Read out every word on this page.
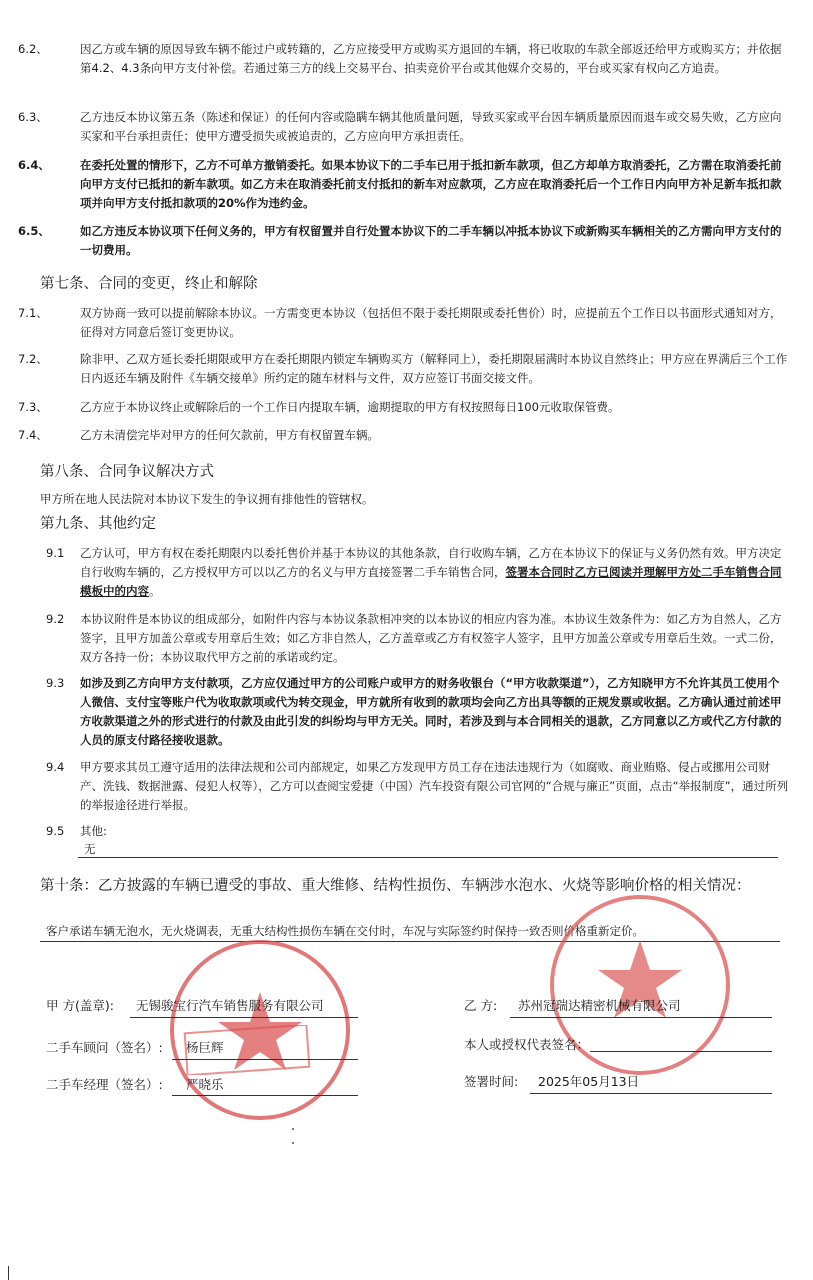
6.2、	因乙方或车辆的原因导致车辆不能过户或转籍的，乙方应接受甲方或购买方退回的车辆，将已收取的车款全部返还给甲方或购买方；并依据第4.2、4.3条向甲方支付补偿。若通过第三方的线上交易平台、拍卖竞价平台或其他媒介交易的，平台或买家有权向乙方追责。
6.3、	乙方违反本协议第五条（陈述和保证）的任何内容或隐瞒车辆其他质量问题，导致买家或平台因车辆质量原因而退车或交易失败，乙方应向买家和平台承担责任；使甲方遭受损失或被追责的，乙方应向甲方承担责任。
6.4、	在委托处置的情形下，乙方不可单方撤销委托。如果本协议下的二手车已用于抵扣新车款项，但乙方却单方取消委托，乙方需在取消委托前向甲方支付已抵扣的新车款项。如乙方未在取消委托前支付抵扣的新车对应款项，乙方应在取消委托后一个工作日内向甲方补足新车抵扣款项并向甲方支付抵扣款项的20%作为违约金。
6.5、	如乙方违反本协议项下任何义务的，甲方有权留置并自行处置本协议下的二手车辆以冲抵本协议下或新购买车辆相关的乙方需向甲方支付的一切费用。
第七条、合同的变更，终止和解除
7.1、	双方协商一致可以提前解除本协议。一方需变更本协议（包括但不限于委托期限或委托售价）时，应提前五个工作日以书面形式通知对方，征得对方同意后签订变更协议。
7.2、	除非甲、乙双方延长委托期限或甲方在委托期限内锁定车辆购买方（解释同上），委托期限届满时本协议自然终止；甲方应在界满后三个工作日内返还车辆及附件《车辆交接单》所约定的随车材料与文件，双方应签订书面交接文件。
7.3、	乙方应于本协议终止或解除后的一个工作日内提取车辆，逾期提取的甲方有权按照每日100元收取保管费。
7.4、	乙方未清偿完毕对甲方的任何欠款前，甲方有权留置车辆。
第八条、合同争议解决方式
甲方所在地人民法院对本协议下发生的争议拥有排他性的管辖权。
第九条、其他约定
9.1	乙方认可，甲方有权在委托期限内以委托售价并基于本协议的其他条款，自行收购车辆，乙方在本协议下的保证与义务仍然有效。甲方决定自行收购车辆的，乙方授权甲方可以以乙方的名义与甲方直接签署二手车销售合同，签署本合同时乙方已阅读并理解甲方处二手车销售合同模板中的内容。
9.2	本协议附件是本协议的组成部分，如附件内容与本协议条款相冲突的以本协议的相应内容为准。本协议生效条件为：如乙方为自然人，乙方签字，且甲方加盖公章或专用章后生效；如乙方非自然人，乙方盖章或乙方有权签字人签字，且甲方加盖公章或专用章后生效。一式二份，双方各持一份；本协议取代甲方之前的承诺或约定。
9.3	如涉及到乙方向甲方支付款项，乙方应仅通过甲方的公司账户或甲方的财务收银台（“甲方收款渠道”），乙方知晓甲方不允许其员工使用个人微信、支付宝等账户代为收取款项或代为转交现金，甲方就所有收到的款项均会向乙方出具等额的正规发票或收据。乙方确认通过前述甲方收款渠道之外的形式进行的付款及由此引发的纠纷均与甲方无关。同时，若涉及到与本合同相关的退款，乙方同意以乙方或代乙方付款的人员的原支付路径接收退款。
9.4	甲方要求其员工遵守适用的法律法规和公司内部规定，如果乙方发现甲方员工存在违法违规行为（如腐败、商业贿赂、侵占或挪用公司财产、洗钱、数据泄露、侵犯人权等），乙方可以查阅宝爱捷（中国）汽车投资有限公司官网的“合规与廉正”页面，点击“举报制度”，通过所列的举报途径进行举报。
9.5	其他:
无
第十条：乙方披露的车辆已遭受的事故、重大维修、结构性损伤、车辆涉水泡水、火烧等影响价格的相关情况：
客户承诺车辆无泡水，无火烧调表，无重大结构性损伤车辆在交付时，车况与实际签约时保持一致否则价格重新定价。
甲 方(盖章): 无锡骏宝行汽车销售服务有限公司	乙 方: 苏州冠瑞达精密机械有限公司
二手车顾问（签名）: 杨巨辉	本人或授权代表签名：
二手车经理（签名）: 严晓乐	签署时间: 2025年05月13日
